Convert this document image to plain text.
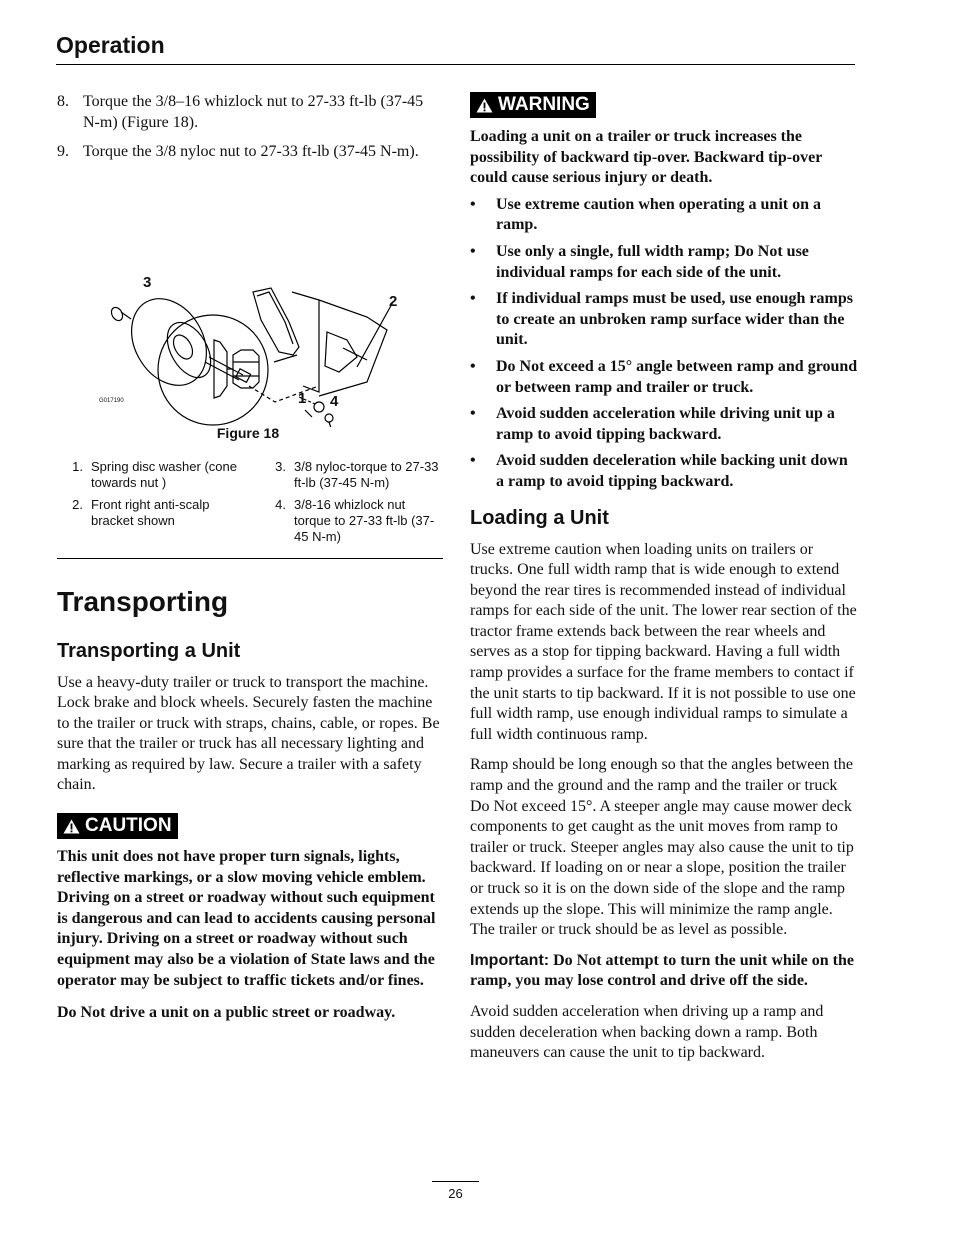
Operation
8. Torque the 3/8–16 whizlock nut to 27-33 ft-lb (37-45 N-m) (Figure 18).
9. Torque the 3/8 nyloc nut to 27-33 ft-lb (37-45 N-m).
3
2
1 4
G017190
Figure 18
1. Spring disc washer (cone towards nut )
3. 3/8 nyloc-torque to 27-33 ft-lb (37-45 N-m)
2. Front right anti-scalp bracket shown
4. 3/8-16 whizlock nut torque to 27-33 ft-lb (37-45 N-m)
Transporting
Transporting a Unit
Use a heavy-duty trailer or truck to transport the machine. Lock brake and block wheels. Securely fasten the machine to the trailer or truck with straps, chains, cable, or ropes. Be sure that the trailer or truck has all necessary lighting and marking as required by law. Secure a trailer with a safety chain.
CAUTION
This unit does not have proper turn signals, lights, reflective markings, or a slow moving vehicle emblem. Driving on a street or roadway without such equipment is dangerous and can lead to accidents causing personal injury. Driving on a street or roadway without such equipment may also be a violation of State laws and the operator may be subject to traffic tickets and/or fines.
Do Not drive a unit on a public street or roadway.
WARNING
Loading a unit on a trailer or truck increases the possibility of backward tip-over. Backward tip-over could cause serious injury or death.
•	Use extreme caution when operating a unit on a ramp.
•	Use only a single, full width ramp; Do Not use individual ramps for each side of the unit.
•	If individual ramps must be used, use enough ramps to create an unbroken ramp surface wider than the unit.
•	Do Not exceed a 15° angle between ramp and ground or between ramp and trailer or truck.
•	Avoid sudden acceleration while driving unit up a ramp to avoid tipping backward.
•	Avoid sudden deceleration while backing unit down a ramp to avoid tipping backward.
Loading a Unit
Use extreme caution when loading units on trailers or trucks. One full width ramp that is wide enough to extend beyond the rear tires is recommended instead of individual ramps for each side of the unit. The lower rear section of the tractor frame extends back between the rear wheels and serves as a stop for tipping backward. Having a full width ramp provides a surface for the frame members to contact if the unit starts to tip backward. If it is not possible to use one full width ramp, use enough individual ramps to simulate a full width continuous ramp.
Ramp should be long enough so that the angles between the ramp and the ground and the ramp and the trailer or truck Do Not exceed 15°. A steeper angle may cause mower deck components to get caught as the unit moves from ramp to trailer or truck. Steeper angles may also cause the unit to tip backward. If loading on or near a slope, position the trailer or truck so it is on the down side of the slope and the ramp extends up the slope. This will minimize the ramp angle. The trailer or truck should be as level as possible.
Important: Do Not attempt to turn the unit while on the ramp, you may lose control and drive off the side.
Avoid sudden acceleration when driving up a ramp and sudden deceleration when backing down a ramp. Both maneuvers can cause the unit to tip backward.
26
